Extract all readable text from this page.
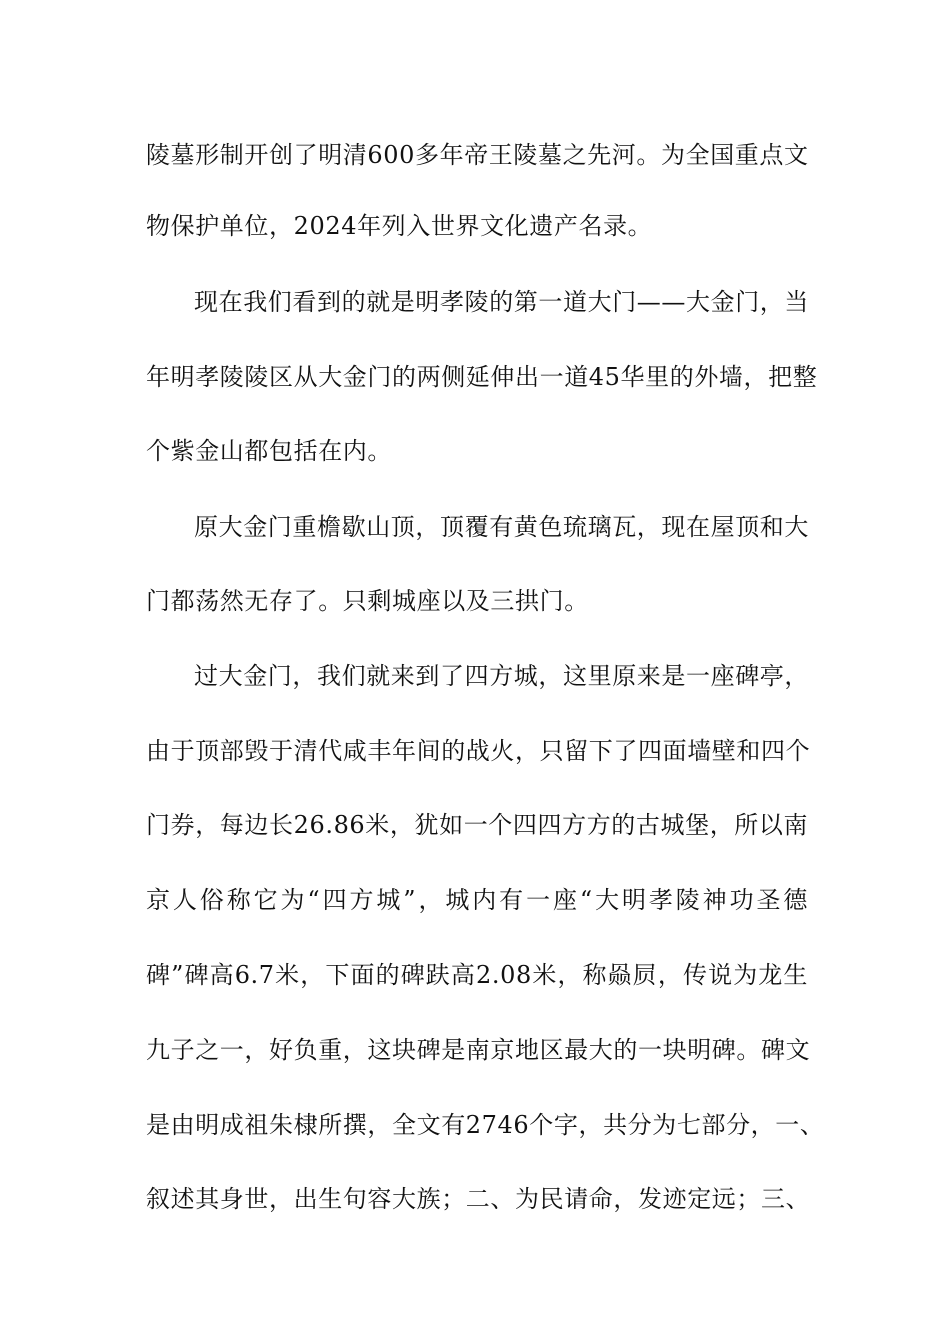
陵墓形制开创了明清600多年帝王陵墓之先河。为全国重点文
物保护单位，2024年列入世界文化遗产名录。
现在我们看到的就是明孝陵的第一道大门——大金门，当
年明孝陵陵区从大金门的两侧延伸出一道45华里的外墙，把整
个紫金山都包括在内。
原大金门重檐歇山顶，顶覆有黄色琉璃瓦，现在屋顶和大
门都荡然无存了。只剩城座以及三拱门。
过大金门，我们就来到了四方城，这里原来是一座碑亭，
由于顶部毁于清代咸丰年间的战火，只留下了四面墙壁和四个
门券，每边长26.86米，犹如一个四四方方的古城堡，所以南
京人俗称它为“四方城”，城内有一座“大明孝陵神功圣德
碑”碑高6.7米，下面的碑趺高2.08米，称赑屃，传说为龙生
九子之一，好负重，这块碑是南京地区最大的一块明碑。碑文
是由明成祖朱棣所撰，全文有2746个字，共分为七部分，一、
叙述其身世，出生句容大族；二、为民请命，发迹定远；三、
